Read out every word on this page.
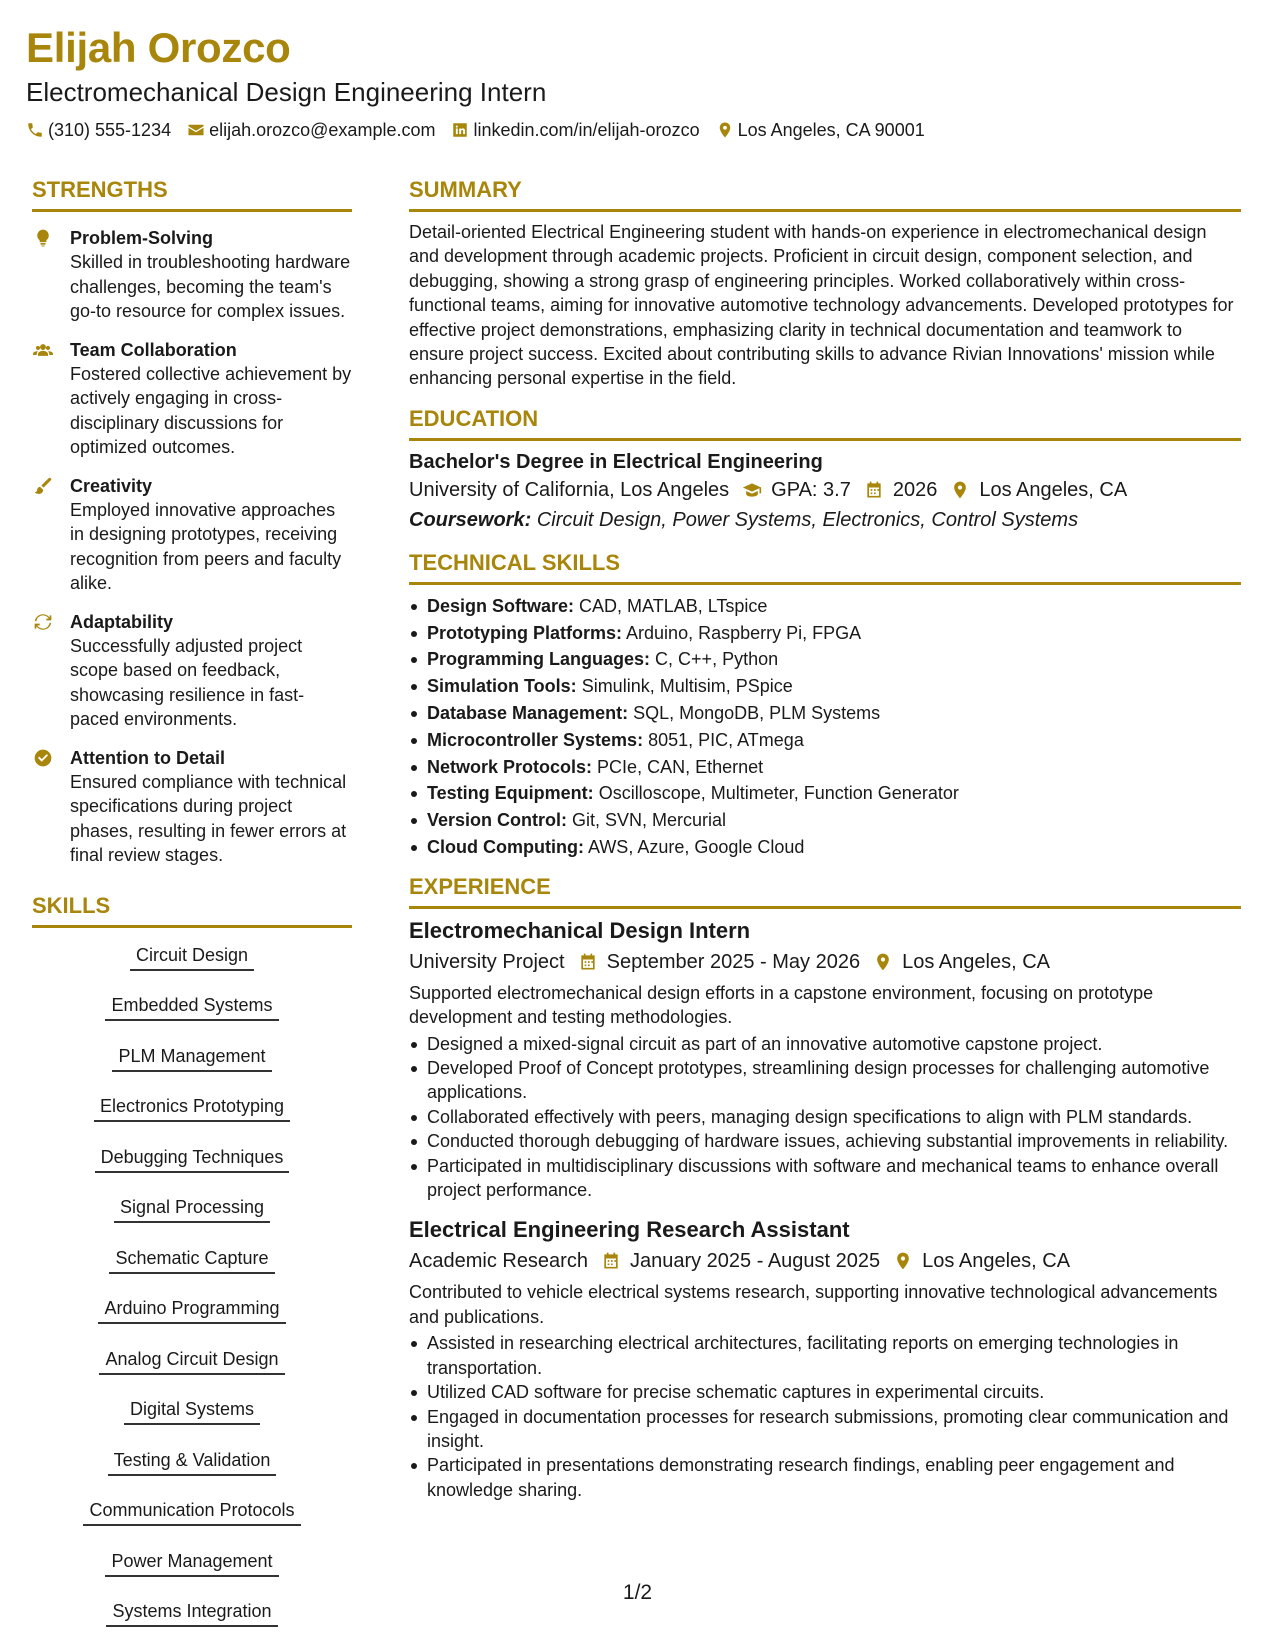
Elijah Orozco
Electromechanical Design Engineering Intern
(310) 555-1234 elijah.orozco@example.com linkedin.com/in/elijah-orozco Los Angeles, CA 90001
STRENGTHS
Problem-Solving
Skilled in troubleshooting hardware challenges, becoming the team's go-to resource for complex issues.
Team Collaboration
Fostered collective achievement by actively engaging in cross-disciplinary discussions for optimized outcomes.
Creativity
Employed innovative approaches in designing prototypes, receiving recognition from peers and faculty alike.
Adaptability
Successfully adjusted project scope based on feedback, showcasing resilience in fast-paced environments.
Attention to Detail
Ensured compliance with technical specifications during project phases, resulting in fewer errors at final review stages.
SKILLS
Circuit Design
Embedded Systems
PLM Management
Electronics Prototyping
Debugging Techniques
Signal Processing
Schematic Capture
Arduino Programming
Analog Circuit Design
Digital Systems
Testing & Validation
Communication Protocols
Power Management
Systems Integration
SUMMARY
Detail-oriented Electrical Engineering student with hands-on experience in electromechanical design and development through academic projects. Proficient in circuit design, component selection, and debugging, showing a strong grasp of engineering principles. Worked collaboratively within cross-functional teams, aiming for innovative automotive technology advancements. Developed prototypes for effective project demonstrations, emphasizing clarity in technical documentation and teamwork to ensure project success. Excited about contributing skills to advance Rivian Innovations' mission while enhancing personal expertise in the field.
EDUCATION
Bachelor's Degree in Electrical Engineering
University of California, Los Angeles GPA: 3.7 2026 Los Angeles, CA
Coursework: Circuit Design, Power Systems, Electronics, Control Systems
TECHNICAL SKILLS
Design Software: CAD, MATLAB, LTspice
Prototyping Platforms: Arduino, Raspberry Pi, FPGA
Programming Languages: C, C++, Python
Simulation Tools: Simulink, Multisim, PSpice
Database Management: SQL, MongoDB, PLM Systems
Microcontroller Systems: 8051, PIC, ATmega
Network Protocols: PCIe, CAN, Ethernet
Testing Equipment: Oscilloscope, Multimeter, Function Generator
Version Control: Git, SVN, Mercurial
Cloud Computing: AWS, Azure, Google Cloud
EXPERIENCE
Electromechanical Design Intern
University Project September 2025 - May 2026 Los Angeles, CA
Supported electromechanical design efforts in a capstone environment, focusing on prototype development and testing methodologies.
Designed a mixed-signal circuit as part of an innovative automotive capstone project.
Developed Proof of Concept prototypes, streamlining design processes for challenging automotive applications.
Collaborated effectively with peers, managing design specifications to align with PLM standards.
Conducted thorough debugging of hardware issues, achieving substantial improvements in reliability.
Participated in multidisciplinary discussions with software and mechanical teams to enhance overall project performance.
Electrical Engineering Research Assistant
Academic Research January 2025 - August 2025 Los Angeles, CA
Contributed to vehicle electrical systems research, supporting innovative technological advancements and publications.
Assisted in researching electrical architectures, facilitating reports on emerging technologies in transportation.
Utilized CAD software for precise schematic captures in experimental circuits.
Engaged in documentation processes for research submissions, promoting clear communication and insight.
Participated in presentations demonstrating research findings, enabling peer engagement and knowledge sharing.
1/2
